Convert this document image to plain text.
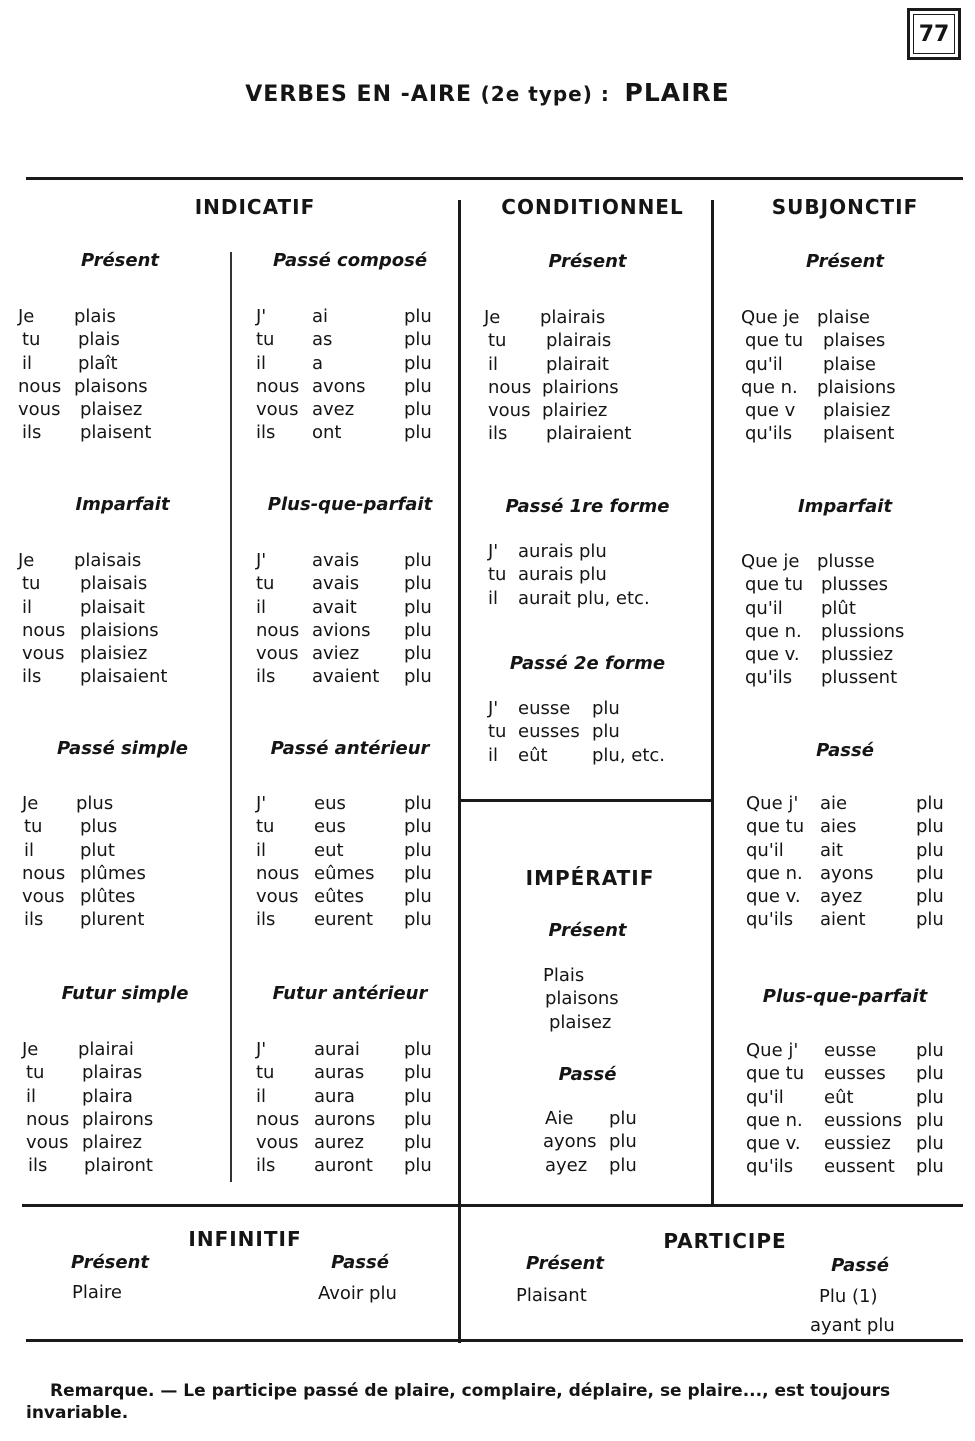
77
VERBES EN -AIRE (2e type) : PLAIRE
INDICATIF	CONDITIONNEL	SUBJONCTIF
Présent
Je plais
tu plais
il	plaît
nous plaisons
vous plaisez
ils plaisent
Imparfait
Je plaisais
tu plaisais
il	plaisait
nous plaisions
vous plaisiez
ils plaisaient
Passé simple
Je plus
tu plus
il	plut
nous plûmes
vous plûtes
ils plurent
Futur simple
Je plairai
tu plairas
il	plaira
nous plairons
vous plairez
ils plairont
Passé composé
J'	ai	plu
tu as	plu
il	a	plu
nous avons plu
vous avez	plu
ils ont	plu
Plus-que-parfait
J'	avais plu
tu avais plu
il	avait	plu
nous avions plu
vous aviez plu
ils avaient plu
Passé antérieur
J'	eus	plu
tu eus	plu
il	eut	plu
nous eûmes plu
vous eûtes plu
ils eurent plu
Futur antérieur
J'	aurai plu
tu auras plu
il	aura	plu
nous aurons plu
vous aurez plu
ils auront plu
Présent
Je plairais
tu plairais
il	plairait
nous plairions
vous plairiez
ils plairaient
Passé 1re forme
J' aurais plu
tu aurais plu
il aurait plu, etc.
Passé 2e forme
J' eusse plu
tu eusses plu
il eût plu, etc.
IMPÉRATIF
Présent
Plais
plaisons
plaisez
Passé
Aie plu
ayons plu
ayez plu
Présent
Que je plaise
que tu plaises
qu'il plaise
que n. plaisions
que v plaisiez
qu'ils plaisent
Imparfait
Que je plusse
que tu plusses
qu'il plût
que n. plussions
que v. plussiez
qu'ils plussent
Passé
Que j' aie	plu
que tu aies	plu
qu'il ait	plu
que n. ayons plu
que v. ayez	plu
qu'ils aient	plu
Plus-que-parfait
Que j' eusse plu
que tu eusses plu
qu'il eût	plu
que n. eussions plu
que v. eussiez plu
qu'ils eussent plu
INFINITIF
Présent
Plaire
Passé
Avoir plu
PARTICIPE
Présent
Plaisant
Passé
Plu (1)
ayant plu
Remarque. — Le participe passé de plaire, complaire, déplaire, se plaire..., est toujours invariable.
